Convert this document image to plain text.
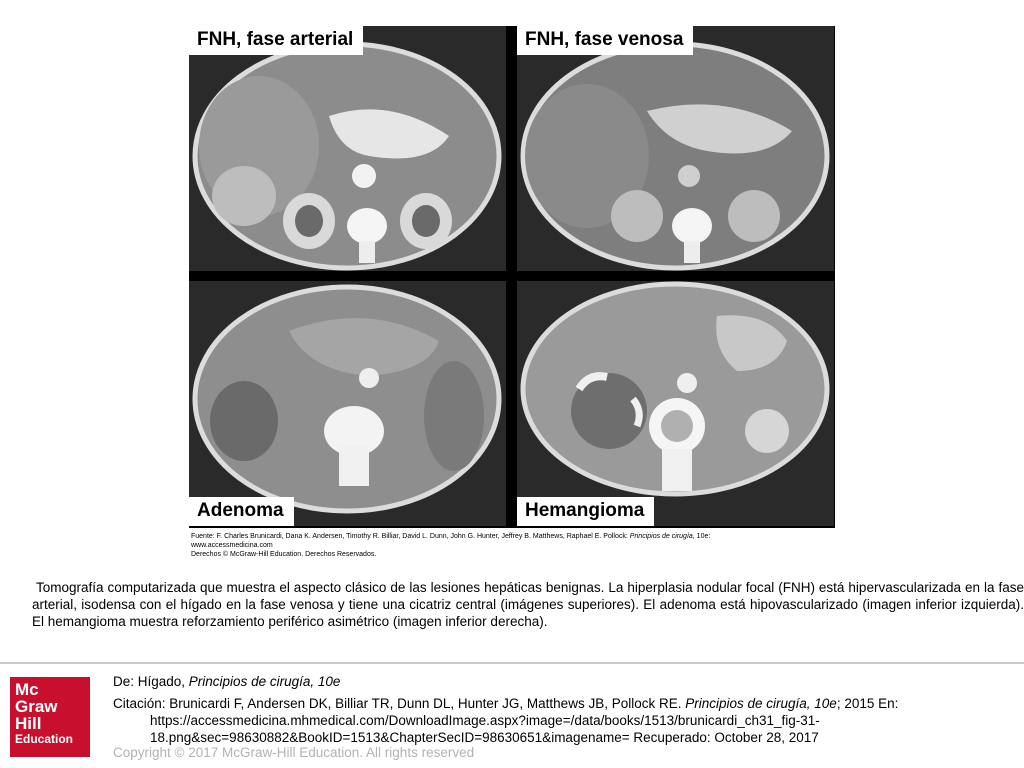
FNH, fase arterial	FNH, fase venosa
Adenoma	Hemangioma
Fuente: F. Charles Brunicardi, Dana K. Andersen, Timothy R. Billiar, David L. Dunn, John G. Hunter, Jeffrey B. Matthews, Raphael E. Pollock: Principios de cirugía, 10e:
www.accessmedicina.com
Derechos © McGraw-Hill Education. Derechos Reservados.
Tomografía computarizada que muestra el aspecto clásico de las lesiones hepáticas benignas. La hiperplasia nodular focal (FNH) está hipervascularizada en la fase arterial, isodensa con el hígado en la fase venosa y tiene una cicatriz central (imágenes superiores). El adenoma está hipovascularizado (imagen inferior izquierda). El hemangioma muestra reforzamiento periférico asimétrico (imagen inferior derecha).
Mc
Graw
Hill
Education
De: Hígado, Principios de cirugía, 10e
Citación: Brunicardi F, Andersen DK, Billiar TR, Dunn DL, Hunter JG, Matthews JB, Pollock RE. Principios de cirugía, 10e; 2015 En:
https://accessmedicina.mhmedical.com/DownloadImage.aspx?image=/data/books/1513/brunicardi_ch31_fig-31-
18.png&sec=98630882&BookID=1513&ChapterSecID=98630651&imagename= Recuperado: October 28, 2017
Copyright © 2017 McGraw-Hill Education. All rights reserved
